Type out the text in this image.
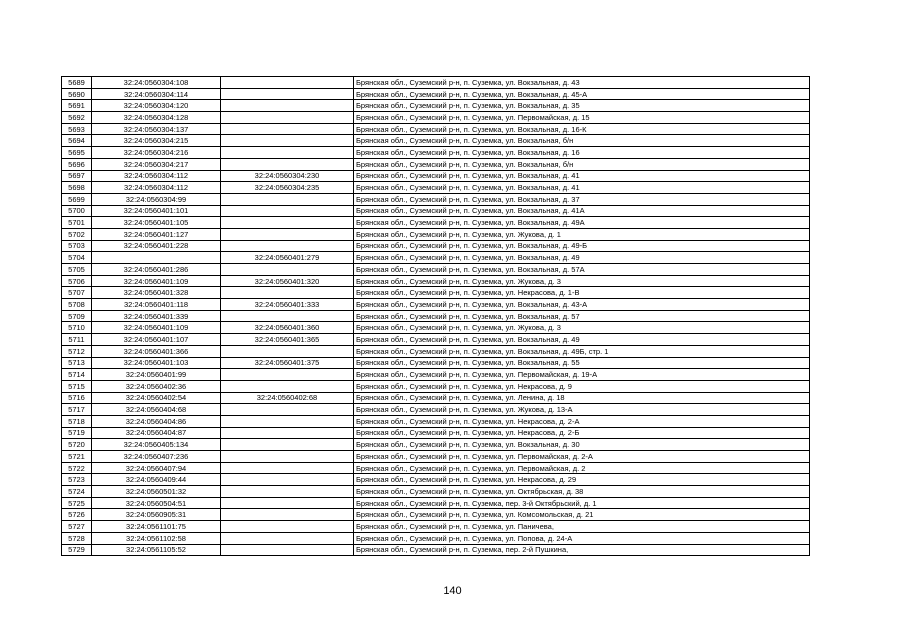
5689	32:24:0560304:108		Брянская обл., Суземский р-н, п. Суземка, ул. Вокзальная, д. 43
5690	32:24:0560304:114		Брянская обл., Суземский р-н, п. Суземка, ул. Вокзальная, д. 45-А
5691	32:24:0560304:120		Брянская обл., Суземский р-н, п. Суземка, ул. Вокзальная, д. 35
5692	32:24:0560304:128		Брянская обл., Суземский р-н, п. Суземка, ул. Первомайская, д. 15
5693	32:24:0560304:137		Брянская обл., Суземский р-н, п. Суземка, ул. Вокзальная, д. 16-К
5694	32:24:0560304:215		Брянская обл., Суземский р-н, п. Суземка, ул. Вокзальная, б/н
5695	32:24:0560304:216		Брянская обл., Суземский р-н, п. Суземка, ул. Вокзальная, д. 16
5696	32:24:0560304:217		Брянская обл., Суземский р-н, п. Суземка, ул. Вокзальная, б/н
5697	32:24:0560304:112	32:24:0560304:230	Брянская обл., Суземский р-н, п. Суземка, ул. Вокзальная, д. 41
5698	32:24:0560304:112	32:24:0560304:235	Брянская обл., Суземский р-н, п. Суземка, ул. Вокзальная, д. 41
5699	32:24:0560304:99		Брянская обл., Суземский р-н, п. Суземка, ул. Вокзальная, д. 37
5700	32:24:0560401:101		Брянская обл., Суземский р-н, п. Суземка, ул. Вокзальная, д. 41А
5701	32:24:0560401:105		Брянская обл., Суземский р-н, п. Суземка, ул. Вокзальная, д. 49А
5702	32:24:0560401:127		Брянская обл., Суземский р-н, п. Суземка, ул. Жукова, д. 1
5703	32:24:0560401:228		Брянская обл., Суземский р-н, п. Суземка, ул. Вокзальная, д. 49-Б
5704		32:24:0560401:279	Брянская обл., Суземский р-н, п. Суземка, ул. Вокзальная, д. 49
5705	32:24:0560401:286		Брянская обл., Суземский р-н, п. Суземка, ул. Вокзальная, д. 57А
5706	32:24:0560401:109	32:24:0560401:320	Брянская обл., Суземский р-н, п. Суземка, ул. Жукова, д. 3
5707	32:24:0560401:328		Брянская обл., Суземский р-н, п. Суземка, ул. Некрасова, д. 1-В
5708	32:24:0560401:118	32:24:0560401:333	Брянская обл., Суземский р-н, п. Суземка, ул. Вокзальная, д. 43-А
5709	32:24:0560401:339		Брянская обл., Суземский р-н, п. Суземка, ул. Вокзальная, д. 57
5710	32:24:0560401:109	32:24:0560401:360	Брянская обл., Суземский р-н, п. Суземка, ул. Жукова, д. 3
5711	32:24:0560401:107	32:24:0560401:365	Брянская обл., Суземский р-н, п. Суземка, ул. Вокзальная, д. 49
5712	32:24:0560401:366		Брянская обл., Суземский р-н, п. Суземка, ул. Вокзальная, д. 49Б, стр. 1
5713	32:24:0560401:103	32:24:0560401:375	Брянская обл., Суземский р-н, п. Суземка, ул. Вокзальная, д. 55
5714	32:24:0560401:99		Брянская обл., Суземский р-н, п. Суземка, ул. Первомайская, д. 19-А
5715	32:24:0560402:36		Брянская обл., Суземский р-н, п. Суземка, ул. Некрасова, д. 9
5716	32:24:0560402:54	32:24:0560402:68	Брянская обл., Суземский р-н, п. Суземка, ул. Ленина, д. 18
5717	32:24:0560404:68		Брянская обл., Суземский р-н, п. Суземка, ул. Жукова, д. 13-А
5718	32:24:0560404:86		Брянская обл., Суземский р-н, п. Суземка, ул. Некрасова, д. 2-А
5719	32:24:0560404:87		Брянская обл., Суземский р-н, п. Суземка, ул. Некрасова, д. 2-Б
5720	32:24:0560405:134		Брянская обл., Суземский р-н, п. Суземка, ул. Вокзальная, д. 30
5721	32:24:0560407:236		Брянская обл., Суземский р-н, п. Суземка, ул. Первомайская, д. 2-А
5722	32:24:0560407:94		Брянская обл., Суземский р-н, п. Суземка, ул. Первомайская, д. 2
5723	32:24:0560409:44		Брянская обл., Суземский р-н, п. Суземка, ул. Некрасова, д. 29
5724	32:24:0560501:32		Брянская обл., Суземский р-н, п. Суземка, ул. Октябрьская, д. 38
5725	32:24:0560504:51		Брянская обл., Суземский р-н, п. Суземка, пер. 3-й Октябрьский, д. 1
5726	32:24:0560905:31		Брянская обл., Суземский р-н, п. Суземка, ул. Комсомольская, д. 21
5727	32:24:0561101:75		Брянская обл., Суземский р-н, п. Суземка, ул. Паничева,
5728	32:24:0561102:58		Брянская обл., Суземский р-н, п. Суземка, ул. Попова, д. 24-А
5729	32:24:0561105:52		Брянская обл., Суземский р-н, п. Суземка, пер. 2-й Пушкина,
140
